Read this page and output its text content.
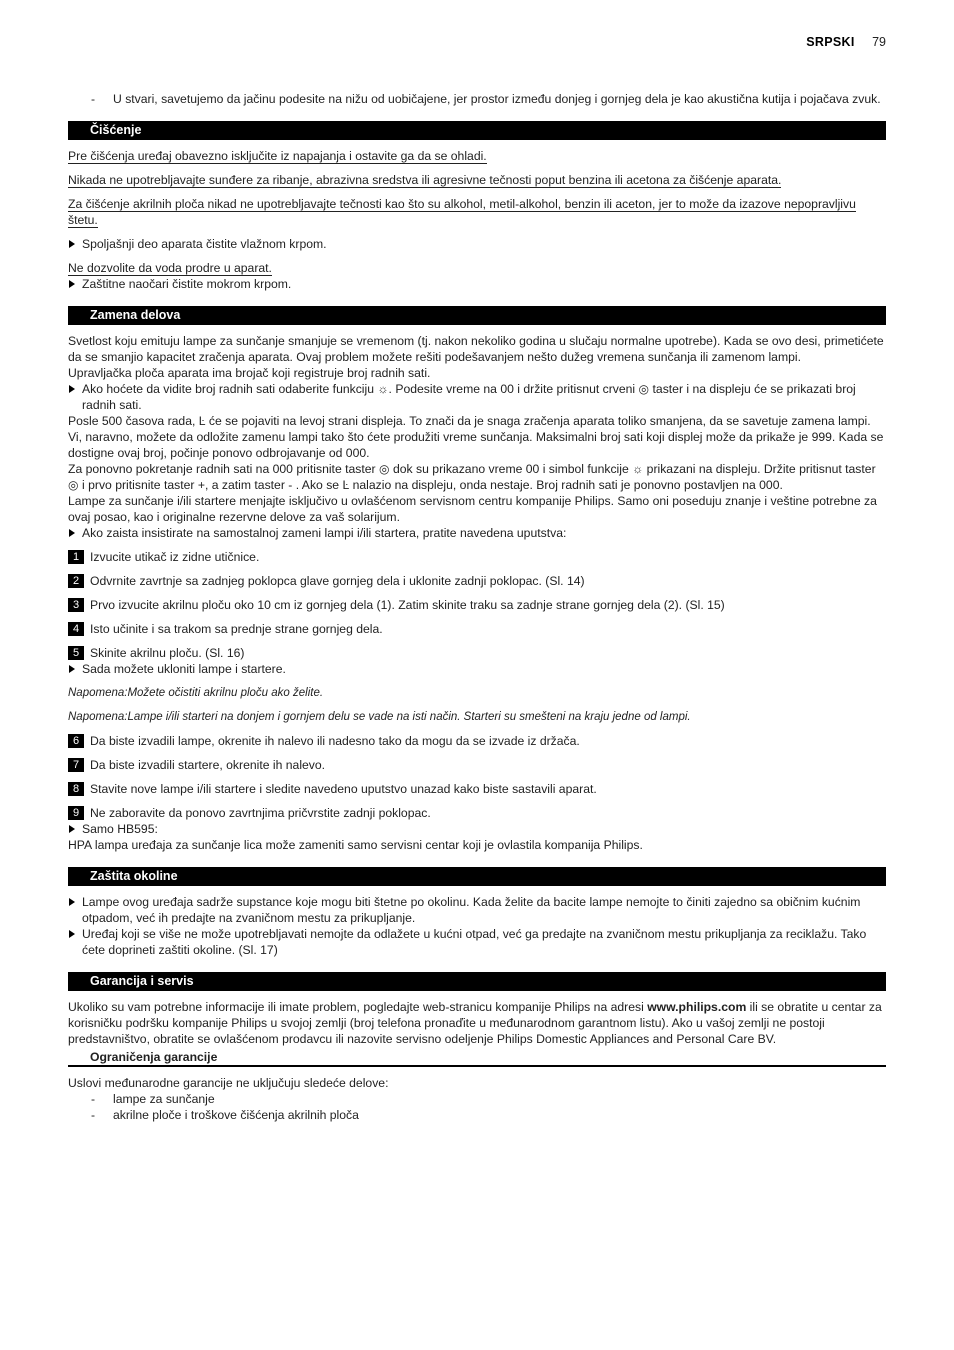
SRPSKI 79
- U stvari, savetujemo da jačinu podesite na nižu od uobičajene, jer prostor između donjeg i gornjeg dela je kao akustična kutija i pojačava zvuk.
Čišćenje
Pre čišćenja uređaj obavezno isključite iz napajanja i ostavite ga da se ohladi.
Nikada ne upotrebljavajte sunđere za ribanje, abrazivna sredstva ili agresivne tečnosti poput benzina ili acetona za čišćenje aparata.
Za čišćenje akrilnih ploča nikad ne upotrebljavajte tečnosti kao što su alkohol, metil-alkohol, benzin ili aceton, jer to može da izazove nepopravljivu štetu.
Spoljašnji deo aparata čistite vlažnom krpom.
Ne dozvolite da voda prodre u aparat.
Zaštitne naočari čistite mokrom krpom.
Zamena delova
Svetlost koju emituju lampe za sunčanje smanjuje se vremenom (tj. nakon nekoliko godina u slučaju normalne upotrebe). Kada se ovo desi, primetićete da se smanjio kapacitet zračenja aparata. Ovaj problem možete rešiti podešavanjem nešto dužeg vremena sunčanja ili zamenom lampi.
Upravljačka ploča aparata ima brojač koji registruje broj radnih sati.
Ako hoćete da vidite broj radnih sati odaberite funkciju ☼. Podesite vreme na 00 i držite pritisnut crveni ◎ taster i na displeju će se prikazati broj radnih sati.
Posle 500 časova rada, Ŀ će se pojaviti na levoj strani displeja. To znači da je snaga zračenja aparata toliko smanjena, da se savetuje zamena lampi. Vi, naravno, možete da odložite zamenu lampi tako što ćete produžiti vreme sunčanja. Maksimalni broj sati koji displej može da prikaže je 999. Kada se dostigne ovaj broj, počinje ponovo odbrojavanje od 000.
Za ponovno pokretanje radnih sati na 000 pritisnite taster ◎ dok su prikazano vreme 00 i simbol funkcije ☼ prikazani na displeju. Držite pritisnut taster ◎ i prvo pritisnite taster +, a zatim taster - . Ako se Ŀ nalazio na displeju, onda nestaje. Broj radnih sati je ponovno postavljen na 000.
Lampe za sunčanje i/ili startere menjajte isključivo u ovlašćenom servisnom centru kompanije Philips. Samo oni poseduju znanje i veštine potrebne za ovaj posao, kao i originalne rezervne delove za vaš solarijum.
Ako zaista insistirate na samostalnoj zameni lampi i/ili startera, pratite navedena uputstva:
1 Izvucite utikač iz zidne utičnice.
2 Odvrnite zavrtnje sa zadnjeg poklopca glave gornjeg dela i uklonite zadnji poklopac. (Sl. 14)
3 Prvo izvucite akrilnu ploču oko 10 cm iz gornjeg dela (1). Zatim skinite traku sa zadnje strane gornjeg dela (2). (Sl. 15)
4 Isto učinite i sa trakom sa prednje strane gornjeg dela.
5 Skinite akrilnu ploču. (Sl. 16)
Sada možete ukloniti lampe i startere.
Napomena:Možete očistiti akrilnu ploču ako želite.
Napomena:Lampe i/ili starteri na donjem i gornjem delu se vade na isti način. Starteri su smešteni na kraju jedne od lampi.
6 Da biste izvadili lampe, okrenite ih nalevo ili nadesno tako da mogu da se izvade iz držača.
7 Da biste izvadili startere, okrenite ih nalevo.
8 Stavite nove lampe i/ili startere i sledite navedeno uputstvo unazad kako biste sastavili aparat.
9 Ne zaboravite da ponovo zavrtnjima pričvrstite zadnji poklopac.
Samo HB595:
HPA lampa uređaja za sunčanje lica može zameniti samo servisni centar koji je ovlastila kompanija Philips.
Zaštita okoline
Lampe ovog uređaja sadrže supstance koje mogu biti štetne po okolinu. Kada želite da bacite lampe nemojte to činiti zajedno sa običnim kućnim otpadom, već ih predajte na zvaničnom mestu za prikupljanje.
Uređaj koji se više ne može upotrebljavati nemojte da odlažete u kućni otpad, već ga predajte na zvaničnom mestu prikupljanja za reciklažu. Tako ćete doprineti zaštiti okoline. (Sl. 17)
Garancija i servis
Ukoliko su vam potrebne informacije ili imate problem, pogledajte web-stranicu kompanije Philips na adresi www.philips.com ili se obratite u centar za korisničku podršku kompanije Philips u svojoj zemlji (broj telefona pronaďite u međunarodnom garantnom listu). Ako u vašoj zemlji ne postoji predstavništvo, obratite se ovlašćenom prodavcu ili nazovite servisno odeljenje Philips Domestic Appliances and Personal Care BV.
Ograničenja garancije
Uslovi međunarodne garancije ne uključuju sledeće delove:
- lampe za sunčanje
- akrilne ploče i troškove čišćenja akrilnih ploča
